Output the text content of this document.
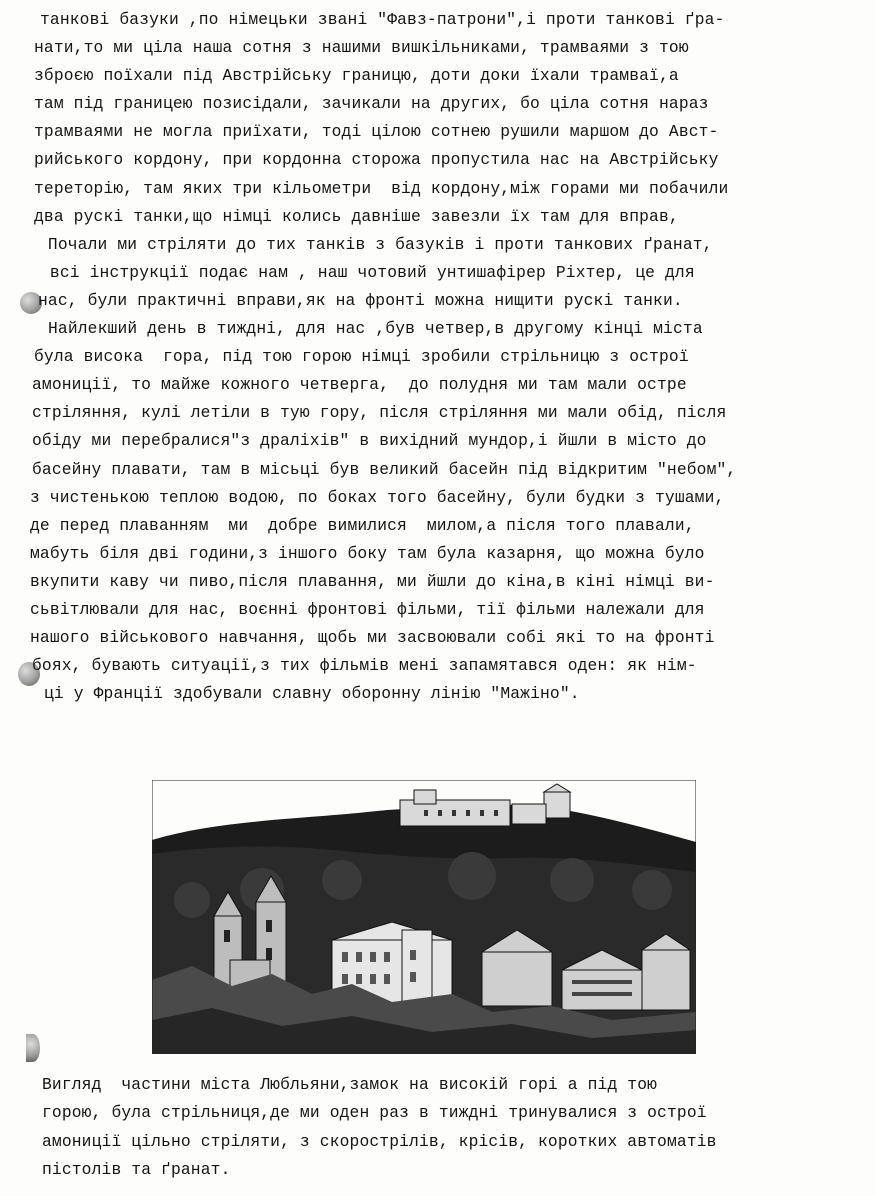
танкові базуки ,по німецьки звані "Фавз-патрони",і проти танкові ґра-
нати,то ми ціла наша сотня з нашими вишкільниками, трамваями з тою
зброєю поїхали під Австрійську границю, доти доки їхали трамваї,а
там під границею позисідали, зачикали на других, бо ціла сотня нараз
трамваями не могла приїхати, тоді цілою сотнею рушили маршом до Авст-
рийського кордону, при кордонна сторожа пропустила нас на Австрійську
терeторію, там яких три кільометри  від кордону,між горами ми побачили
два рускі танки,що німці колись давніше завезли їх там для вправ,
Почали ми стріляти до тих танків з базуків і проти танкових ґранат,
всі інструкції подає нам , наш чотовий унтишафірер Ріхтер, це для
нас, були практичні вправи,як на фронті можна нищити рускі танки.
Найлекший день в тиждні, для нас ,був четвер,в другому кінці міста
була висока  гора, під тою горою німці зробили стрільницю з острої
амониції, то майже кожного четверга,  до полудня ми там мали остре
стріляння, кулі летіли в тую гору, після стріляння ми мали обід, після
обіду ми перебралися"з драліхів" в вихідний мундор,і йшли в місто до
басейну плавати, там в місьці був великий басейн під відкритим "небом",
з чистенькою теплою водою, по боках того басейну, були будки з тушами,
де перед плаванням  ми  добре вимилися  милом,а після того плавали,
мабуть біля дві години,з іншого боку там була казарня, що можна було
вкупити каву чи пиво,після плавання, ми йшли до кіна,в кіні німці ви-
сьвітлювали для нас, воєнні фронтові фільми, тії фільми належали для
нашого військового навчання, щобь ми засвоювали собі які то на фронті
боях, бувають ситуації,з тих фільмів мені запамятався оден: як нім-
ці у Франції здобували славну оборонну лінію "Мажіно".
Вигляд  частини міста Любльяни,замок на високій горі а під тою
горою, була стрільниця,де ми оден раз в тиждні тринувалися з острої
амониції цільно стріляти, з скорострілів, крісів, коротких автоматів
пістолів та ґранат.
